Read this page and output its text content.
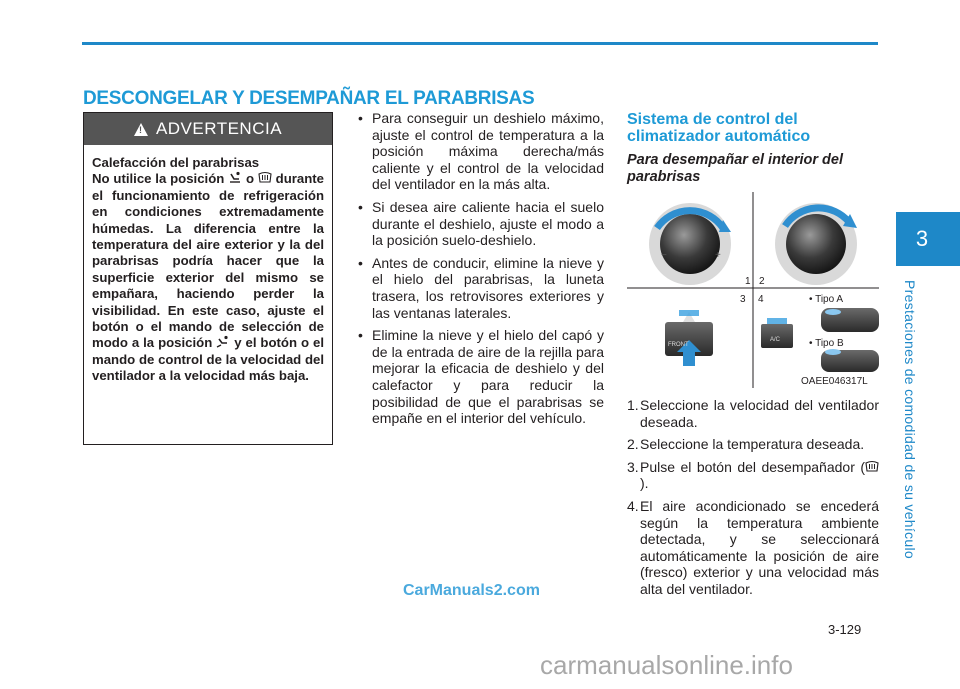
DESCONGELAR Y DESEMPAÑAR EL PARABRISAS
3
Prestaciones de comodidad de su vehículo
3-129
!
ADVERTENCIA

Calefacción del parabrisas

No utilice la posición o durante el funcionamiento de refrigeración en condiciones extremadamente húmedas. La diferencia entre la temperatura del aire exterior y la del parabrisas podría hacer que la superficie exterior del mismo se empañara, haciendo perder la visibilidad. En este caso, ajuste el botón o el mando de selección de modo a la posición y el botón o el mando de control de la velocidad del ventilador a la velocidad más baja.

• Para conseguir un deshielo máximo, ajuste el control de temperatura a la posición máxima derecha/más caliente y el control de la velocidad del ventilador en la más alta.
• Si desea aire caliente hacia el suelo durante el deshielo, ajuste el modo a la posición suelo-deshielo.
• Antes de conducir, elimine la nieve y el hielo del parabrisas, la luneta trasera, los retrovisores exteriores y las ventanas laterales.
• Elimine la nieve y el hielo del capó y de la entrada de aire de la rejilla para mejorar la eficacia de deshielo y del calefactor y para reducir la posibilidad de que el parabrisas se empañe en el interior del vehículo.
Sistema de control del climatizador automático
Para desempañar el interior del parabrisas
−	+
1 2
3 4	• Tipo A
• Tipo B
FRONT
A/C
OAEE046317L
1. Seleccione la velocidad del ventilador deseada.
2. Seleccione la temperatura deseada.
3. Pulse el botón del desempañador ().
4. El aire acondicionado se encederá según la temperatura ambiente detectada, y se seleccionará automáticamente la posición de aire (fresco) exterior y una velocidad más alta del ventilador.
CarManuals2.com
carmanualsonline.info
